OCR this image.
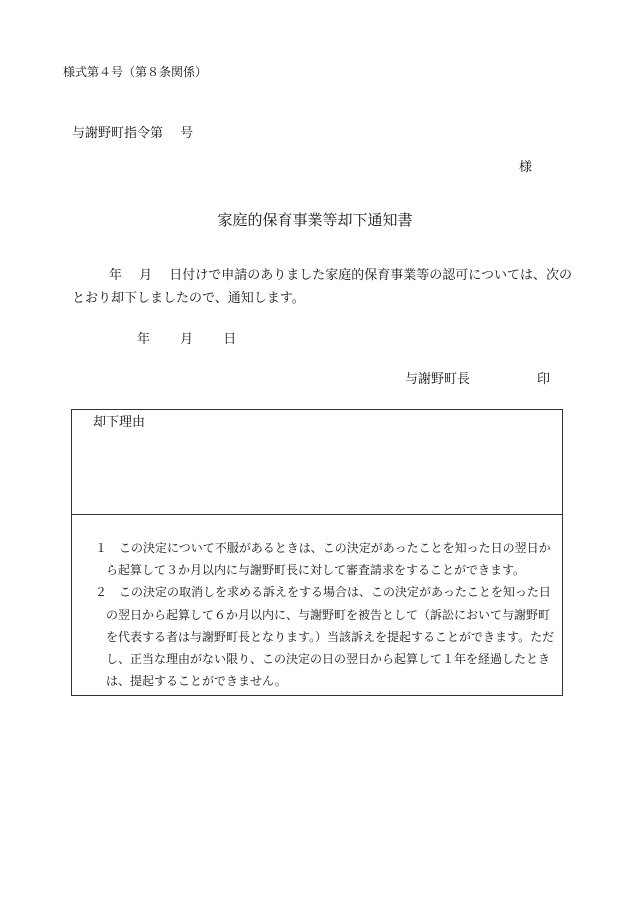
様式第４号（第８条関係）
与謝野町指令第　 号
様
家庭的保育事業等却下通知書
年　 月　 日付けで申請のありました家庭的保育事業等の認可については、次の
とおり却下しましたので、通知します。
年　　 月　　 日
与謝野町長	印
却下理由
１　この決定について不服があるときは、この決定があったことを知った日の翌日か
ら起算して３か月以内に与謝野町長に対して審査請求をすることができます。
２　この決定の取消しを求める訴えをする場合は、この決定があったことを知った日
の翌日から起算して６か月以内に、与謝野町を被告として（訴訟において与謝野町
を代表する者は与謝野町長となります。）当該訴えを提起することができます。ただ
し、正当な理由がない限り、この決定の日の翌日から起算して１年を経過したとき
は、提起することができません。
